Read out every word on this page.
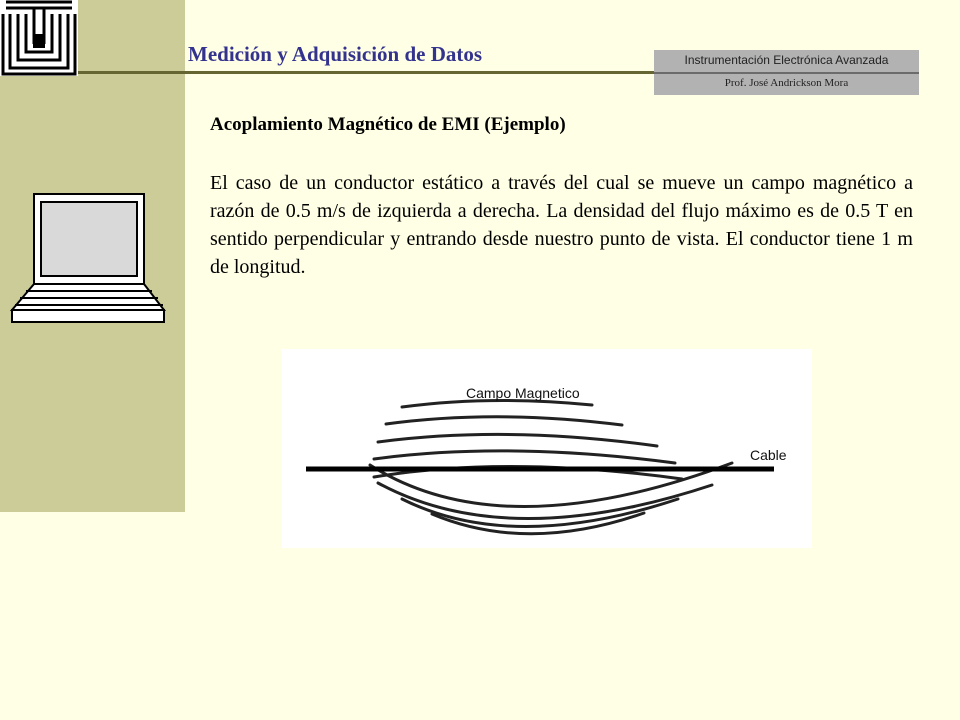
Medición y Adquisición de Datos	Instrumentación Electrónica Avanzada
Prof. José Andrickson Mora
Acoplamiento Magnético de EMI (Ejemplo)
El caso de un conductor estático a través del cual se mueve un campo magnético a razón de 0.5 m/s de izquierda a derecha. La densidad del flujo máximo es de 0.5 T en sentido perpendicular y entrando desde nuestro punto de vista. El conductor tiene 1 m de longitud.
Campo Magnetico
Cable
